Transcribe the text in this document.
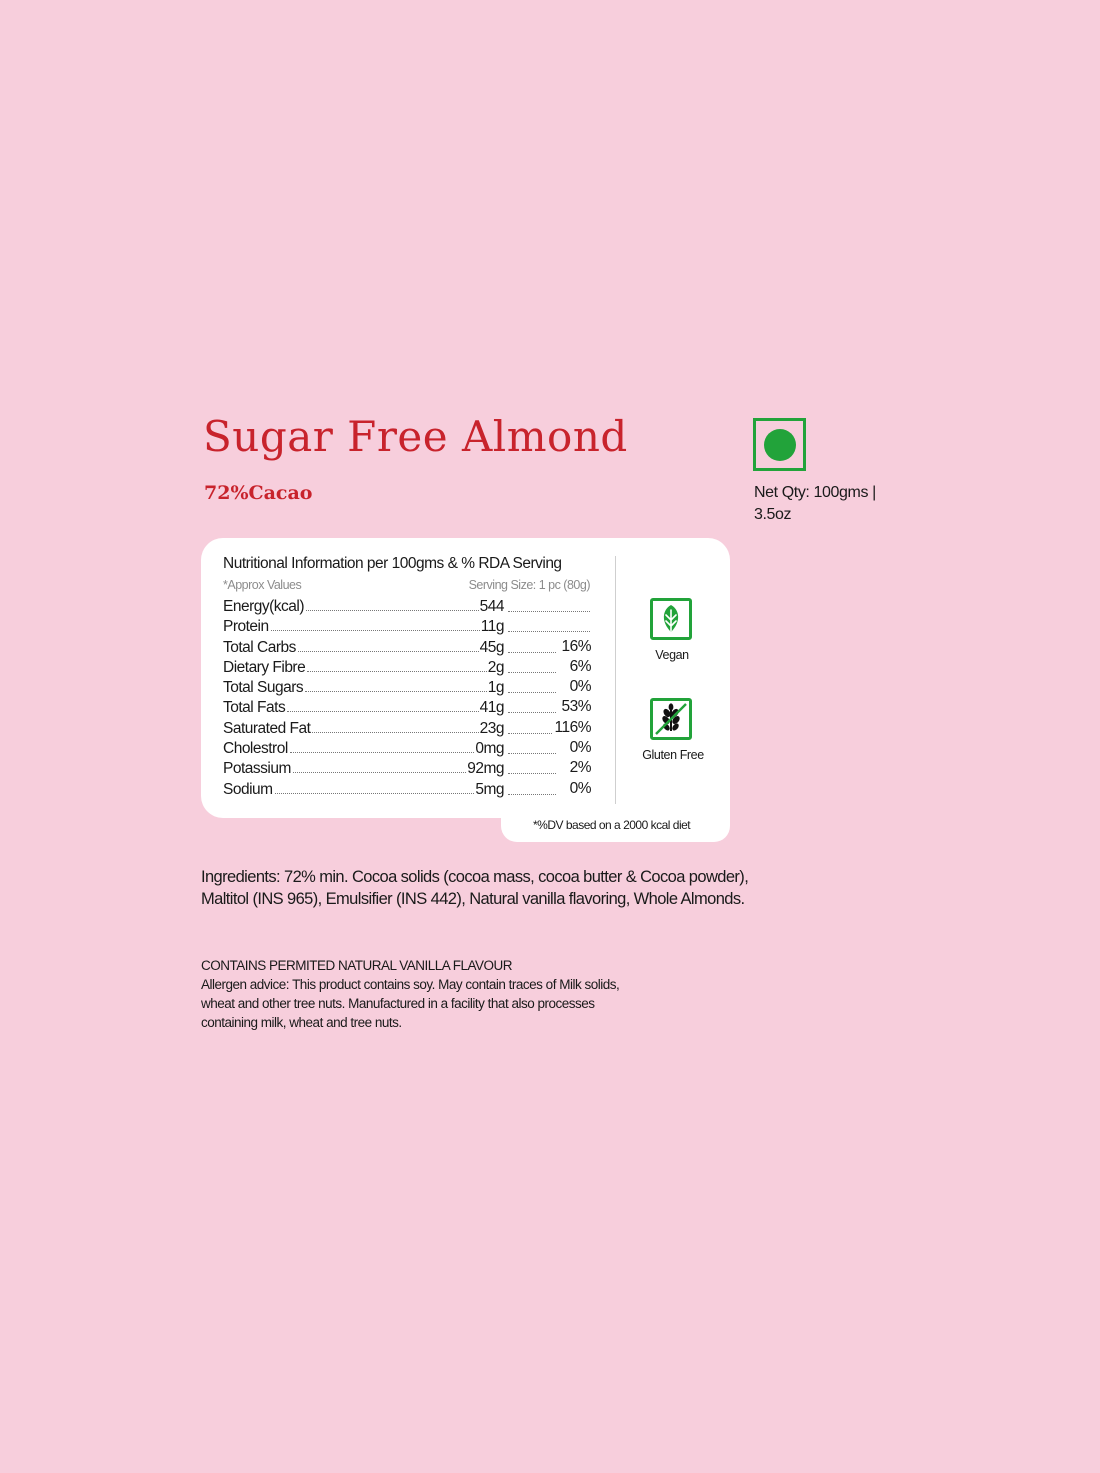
Sugar Free Almond
72%Cacao	Net Qty: 100gms |
3.5oz
*%DV based on a 2000 kcal diet
Nutritional Information per 100gms & % RDA Serving
*Approx Values	Serving Size: 1 pc (80g)
Energy(kcal)	544
Protein	11g
Total Carbs	45g	16%
Dietary Fibre	2g	6%
Total Sugars	1g	0%
Total Fats	41g	53%
Saturated Fat	23g	116%
Cholestrol	0mg	0%
Potassium	92mg	2%
Sodium	5mg	0%
Vegan
Gluten Free
Ingredients: 72% min. Cocoa solids (cocoa mass, cocoa butter & Cocoa powder),
Maltitol (INS 965), Emulsifier (INS 442), Natural vanilla flavoring, Whole Almonds.
CONTAINS PERMITED NATURAL VANILLA FLAVOUR
Allergen advice: This product contains soy. May contain traces of Milk solids,
wheat and other tree nuts. Manufactured in a facility that also processes
containing milk, wheat and tree nuts.
